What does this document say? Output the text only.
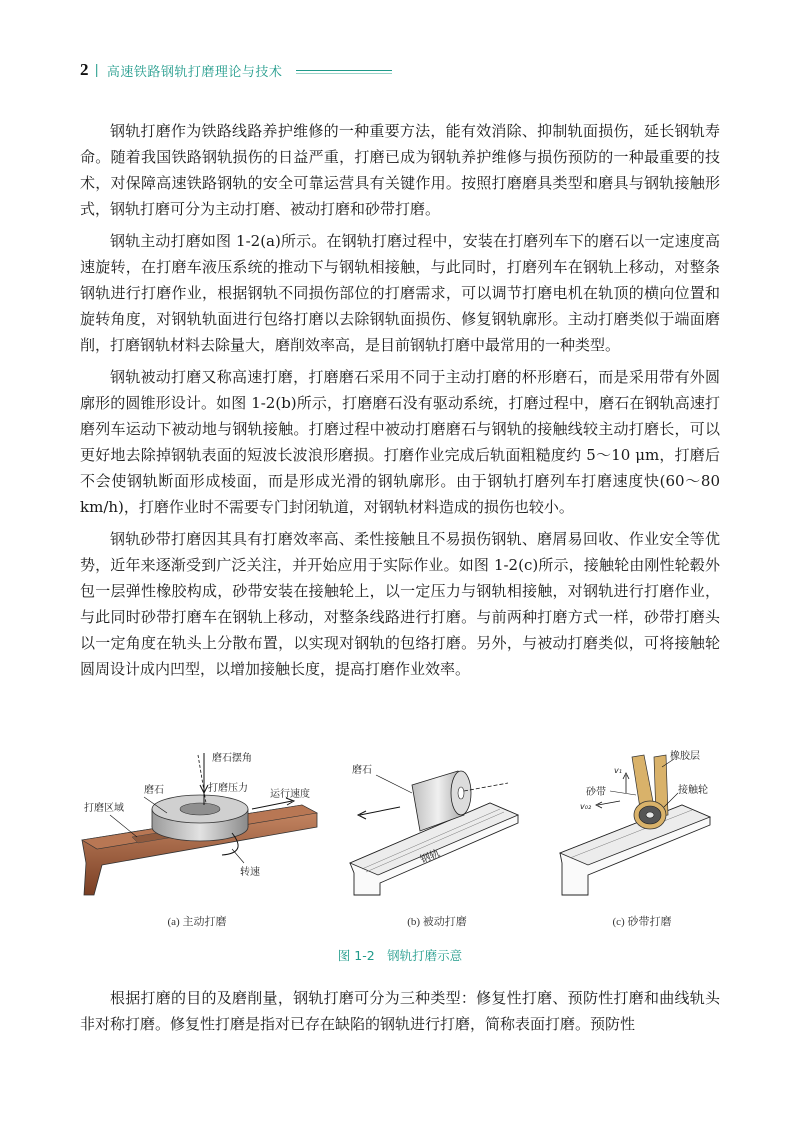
2 | 高速铁路钢轨打磨理论与技术

钢轨打磨作为铁路线路养护维修的一种重要方法，能有效消除、抑制轨面损伤，延长钢轨寿命。随着我国铁路钢轨损伤的日益严重，打磨已成为钢轨养护维修与损伤预防的一种最重要的技术，对保障高速铁路钢轨的安全可靠运营具有关键作用。按照打磨磨具类型和磨具与钢轨接触形式，钢轨打磨可分为主动打磨、被动打磨和砂带打磨。

钢轨主动打磨如图 1-2(a)所示。在钢轨打磨过程中，安装在打磨列车下的磨石以一定速度高速旋转，在打磨车液压系统的推动下与钢轨相接触，与此同时，打磨列车在钢轨上移动，对整条钢轨进行打磨作业，根据钢轨不同损伤部位的打磨需求，可以调节打磨电机在轨顶的横向位置和旋转角度，对钢轨轨面进行包络打磨以去除钢轨面损伤、修复钢轨廓形。主动打磨类似于端面磨削，打磨钢轨材料去除量大，磨削效率高，是目前钢轨打磨中最常用的一种类型。

钢轨被动打磨又称高速打磨，打磨磨石采用不同于主动打磨的杯形磨石，而是采用带有外圆廓形的圆锥形设计。如图 1-2(b)所示，打磨磨石没有驱动系统，打磨过程中，磨石在钢轨高速打磨列车运动下被动地与钢轨接触。打磨过程中被动打磨磨石与钢轨的接触线较主动打磨长，可以更好地去除掉钢轨表面的短波长波浪形磨损。打磨作业完成后轨面粗糙度约 5～10 μm，打磨后不会使钢轨断面形成棱面，而是形成光滑的钢轨廓形。由于钢轨打磨列车打磨速度快(60～80 km/h)，打磨作业时不需要专门封闭轨道，对钢轨材料造成的损伤也较小。

钢轨砂带打磨因其具有打磨效率高、柔性接触且不易损伤钢轨、磨屑易回收、作业安全等优势，近年来逐渐受到广泛关注，并开始应用于实际作业。如图 1-2(c)所示，接触轮由刚性轮毂外包一层弹性橡胶构成，砂带安装在接触轮上，以一定压力与钢轨相接触，对钢轨进行打磨作业，与此同时砂带打磨车在钢轨上移动，对整条线路进行打磨。与前两种打磨方式一样，砂带打磨头以一定角度在轨头上分散布置，以实现对钢轨的包络打磨。另外，与被动打磨类似，可将接触轮圆周设计成内凹型，以增加接触长度，提高打磨作业效率。

磨石摆角
磨石	打磨压力
打磨区域
运行速度
转速
(a) 主动打磨
磨石
钢轨
(b) 被动打磨
橡胶层
砂带	接触轮
v₁
v₀₂
(c) 砂带打磨
图 1-2　钢轨打磨示意

根据打磨的目的及磨削量，钢轨打磨可分为三种类型：修复性打磨、预防性打磨和曲线轨头非对称打磨。修复性打磨是指对已存在缺陷的钢轨进行打磨，简称表面打磨。预防性
